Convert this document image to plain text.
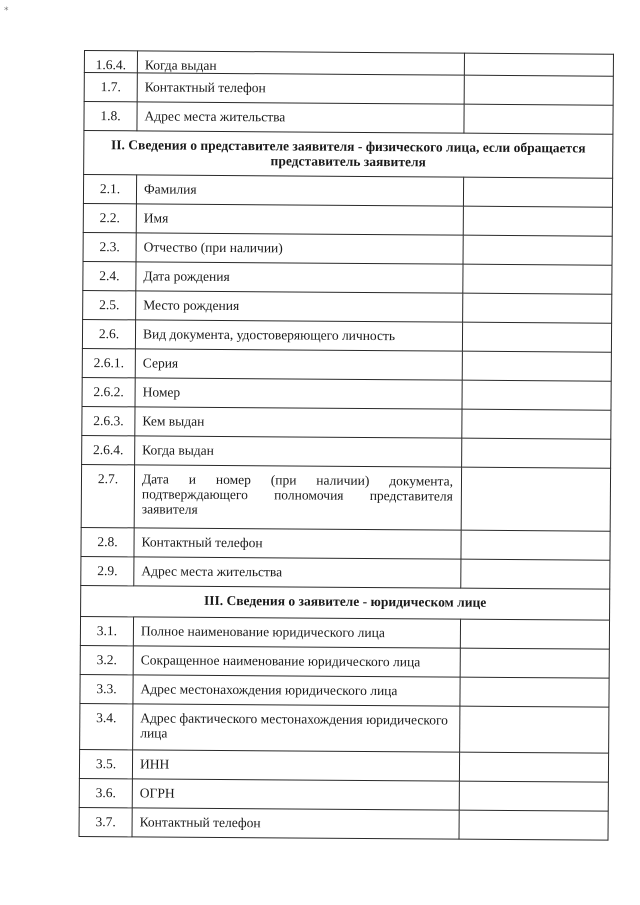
*
1.6.4.	Когда выдан	
1.7.	Контактный телефон	
1.8.	Адрес места жительства	
II. Сведения о представителе заявителя - физического лица, если обращается представитель заявителя		
2.1.	Фамилия	
2.2.	Имя	
2.3.	Отчество (при наличии)	
2.4.	Дата рождения	
2.5.	Место рождения	
2.6.	Вид документа, удостоверяющего личность	
2.6.1.	Серия	
2.6.2.	Номер	
2.6.3.	Кем выдан	
2.6.4.	Когда выдан	
2.7.	Дата и номер (при наличии) документа, подтверждающего полномочия представителя заявителя	
2.8.	Контактный телефон	
2.9.	Адрес места жительства	
III. Сведения о заявителе - юридическом лице		
3.1.	Полное наименование юридического лица	
3.2.	Сокращенное наименование юридического лица	
3.3.	Адрес местонахождения юридического лица	
3.4.	Адрес фактического местонахождения юридического лица	
3.5.	ИНН	
3.6.	ОГРН	
3.7.	Контактный телефон	
